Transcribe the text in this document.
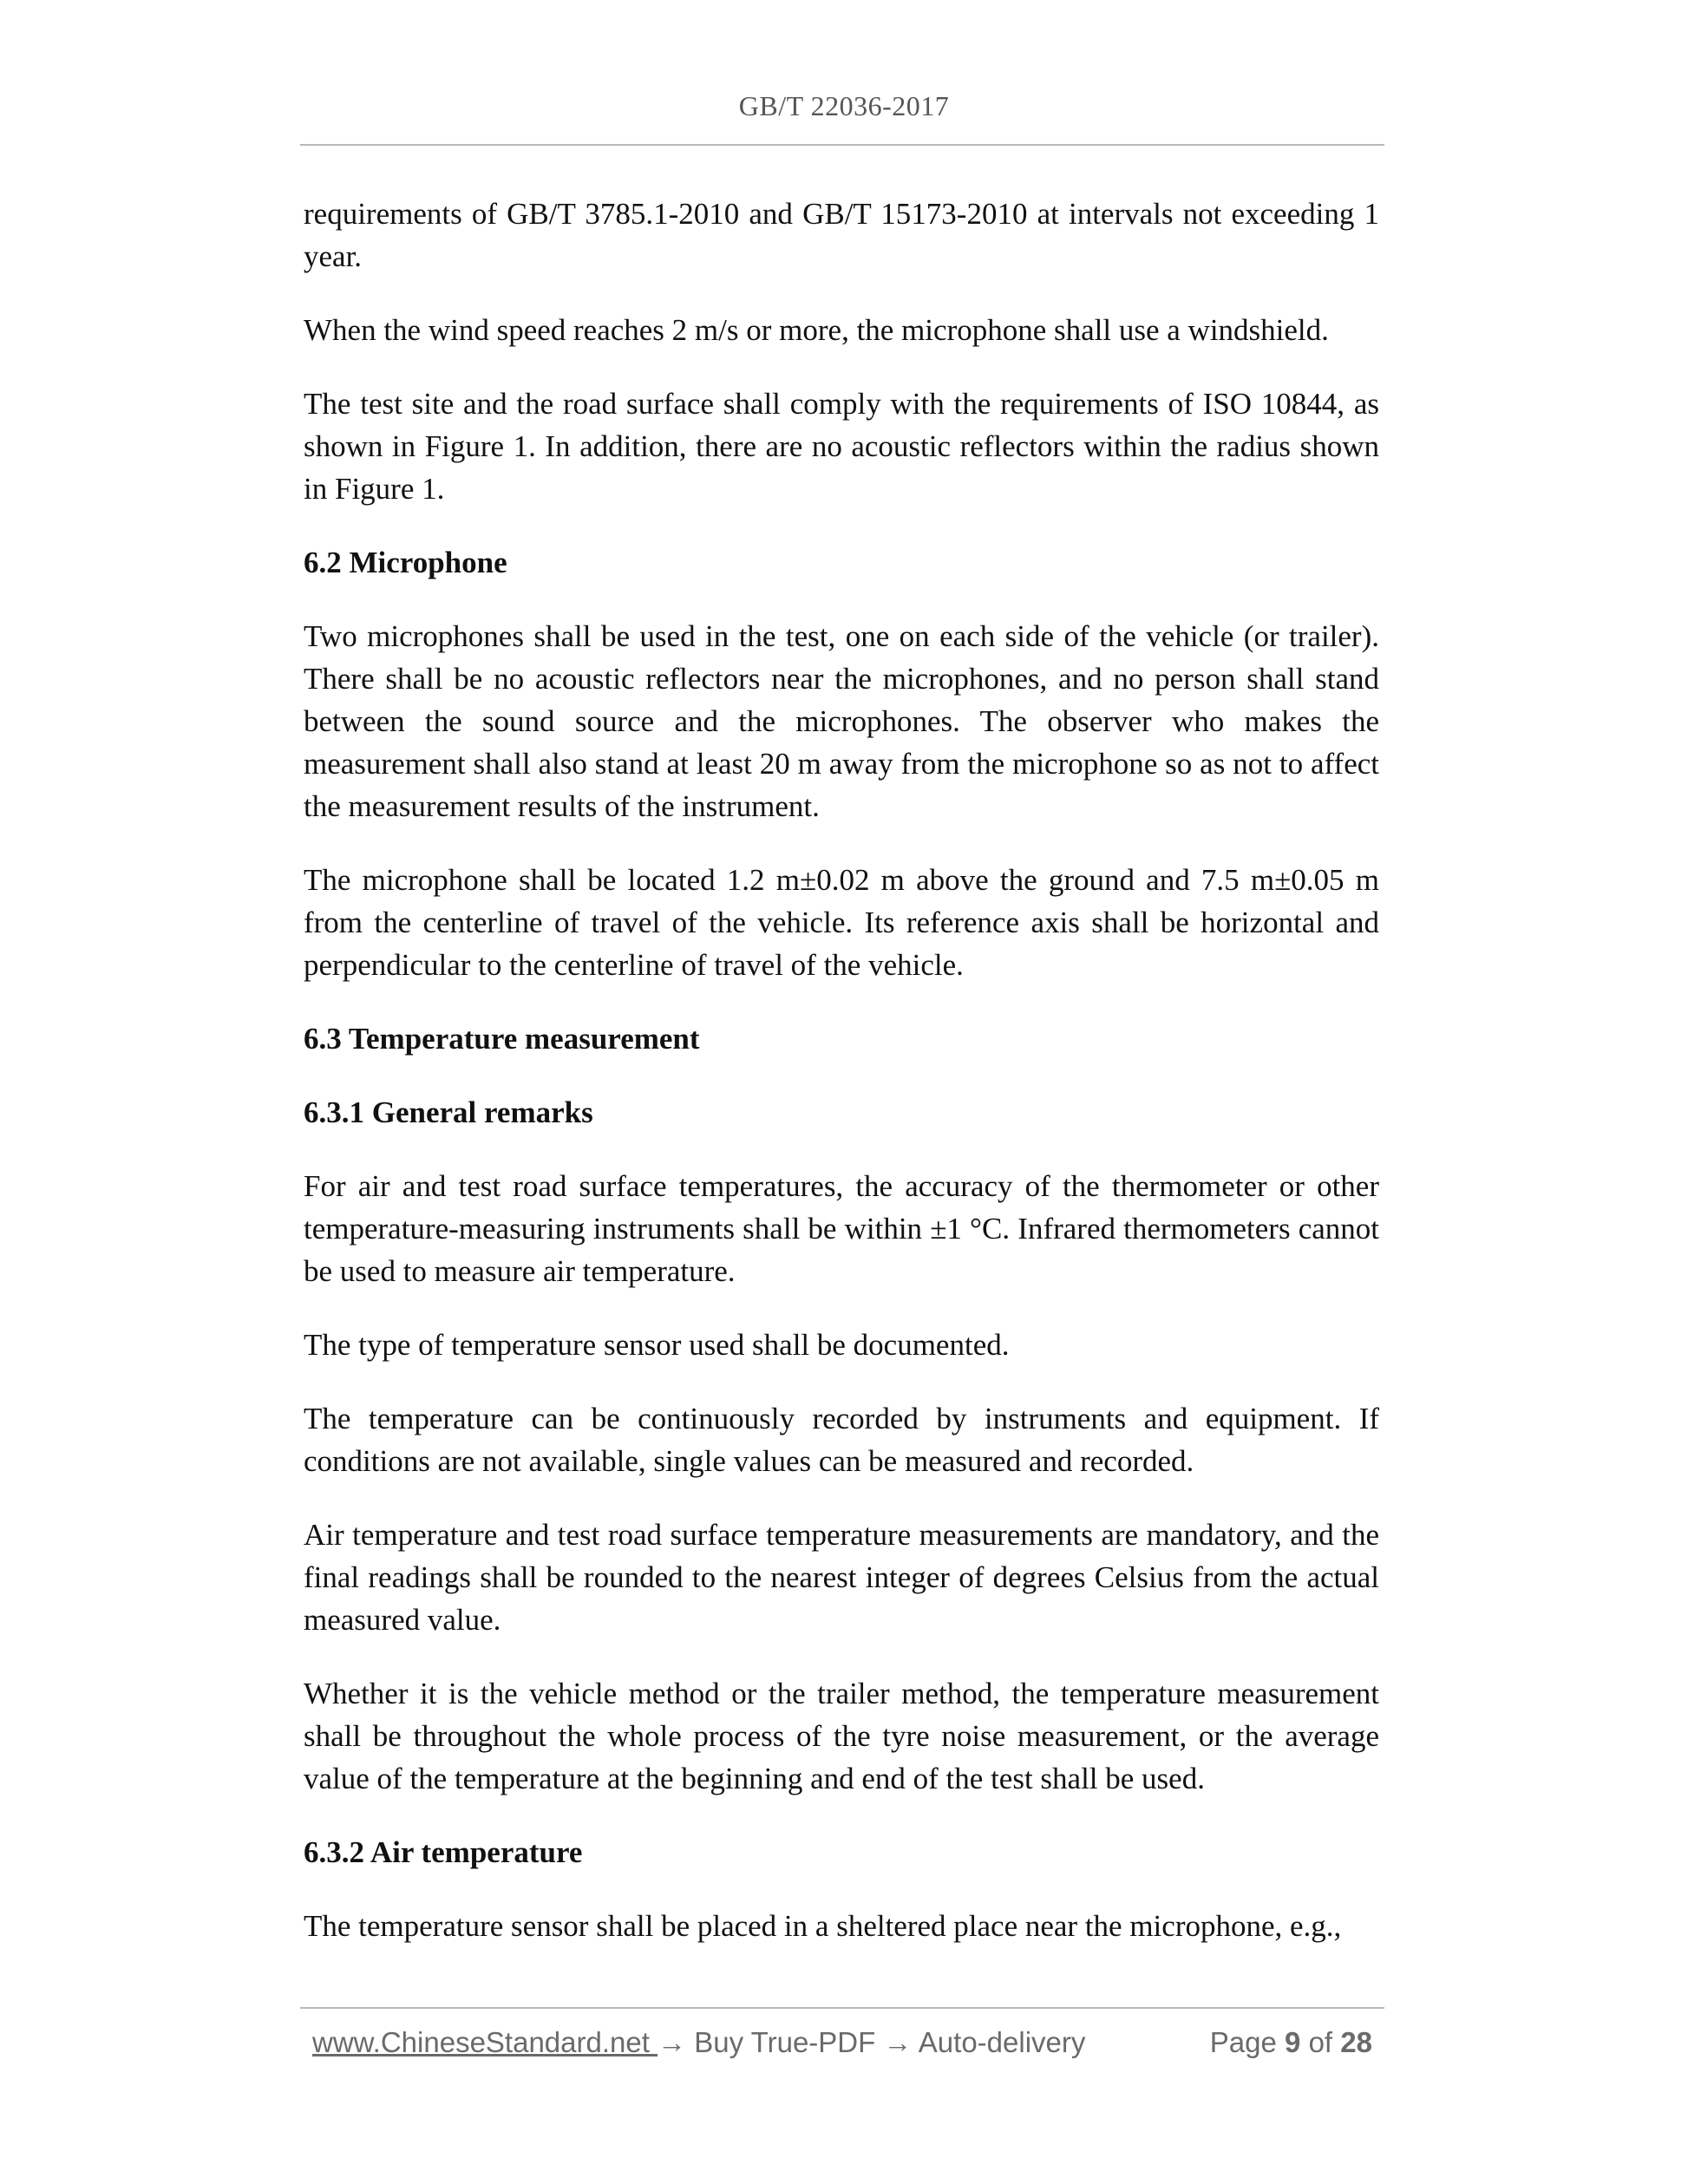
GB/T 22036-2017

requirements of GB/T 3785.1-2010 and GB/T 15173-2010 at intervals not exceeding 1 year.

When the wind speed reaches 2 m/s or more, the microphone shall use a windshield.

The test site and the road surface shall comply with the requirements of ISO 10844, as shown in Figure 1. In addition, there are no acoustic reflectors within the radius shown in Figure 1.

6.2 Microphone

Two microphones shall be used in the test, one on each side of the vehicle (or trailer). There shall be no acoustic reflectors near the microphones, and no person shall stand between the sound source and the microphones. The observer who makes the measurement shall also stand at least 20 m away from the microphone so as not to affect the measurement results of the instrument.

The microphone shall be located 1.2 m±0.02 m above the ground and 7.5 m±0.05 m from the centerline of travel of the vehicle. Its reference axis shall be horizontal and perpendicular to the centerline of travel of the vehicle.

6.3 Temperature measurement
6.3.1 General remarks

For air and test road surface temperatures, the accuracy of the thermometer or other temperature-measuring instruments shall be within ±1 °C. Infrared thermometers cannot be used to measure air temperature.

The type of temperature sensor used shall be documented.

The temperature can be continuously recorded by instruments and equipment. If conditions are not available, single values can be measured and recorded.

Air temperature and test road surface temperature measurements are mandatory, and the final readings shall be rounded to the nearest integer of degrees Celsius from the actual measured value.

Whether it is the vehicle method or the trailer method, the temperature measurement shall be throughout the whole process of the tyre noise measurement, or the average value of the temperature at the beginning and end of the test shall be used.

6.3.2 Air temperature

The temperature sensor shall be placed in a sheltered place near the microphone, e.g.,

www.ChineseStandard.net → Buy True-PDF → Auto-delivery	Page 9 of 28
